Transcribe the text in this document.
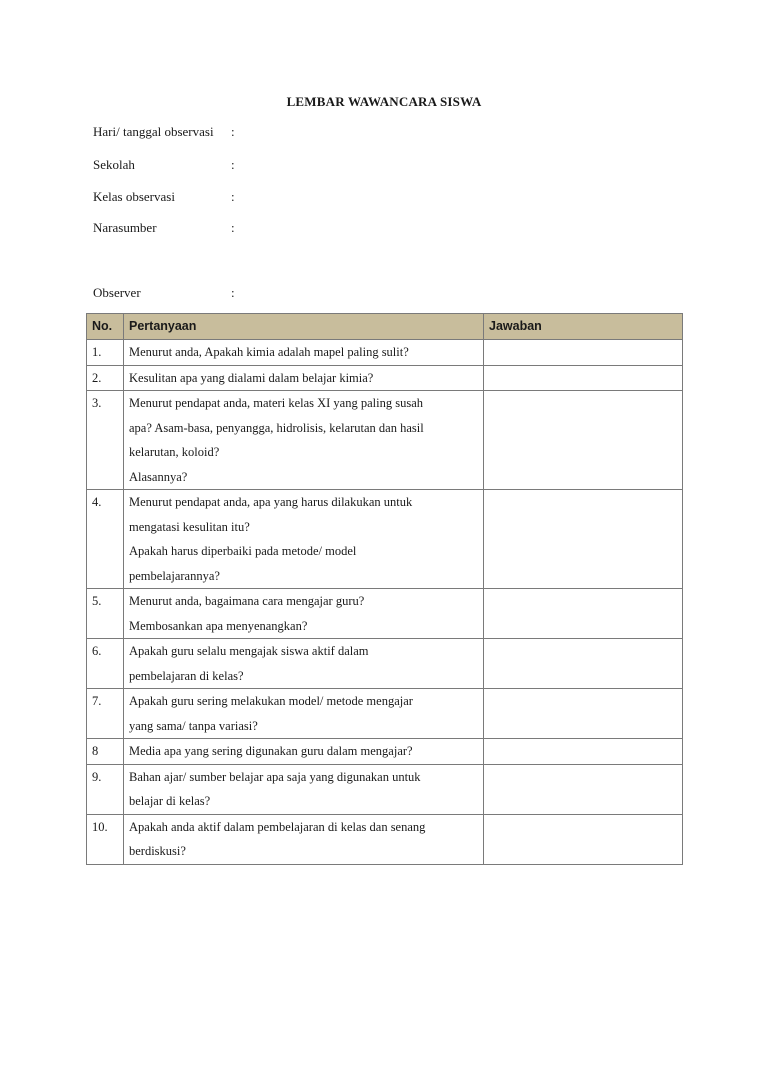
LEMBAR WAWANCARA SISWA
Hari/ tanggal observasi :
Sekolah	:
Kelas observasi	:
Narasumber	:
Observer	:
No.	Pertanyaan	Jawaban
1.	Menurut anda, Apakah kimia adalah mapel paling sulit?	

2.	Kesulitan apa yang dialami dalam belajar kimia?	

3.	Menurut pendapat anda, materi kelas XI yang paling susah
apa? Asam-basa, penyangga, hidrolisis, kelarutan dan hasil
kelarutan, koloid?
Alasannya?	

4.	Menurut pendapat anda, apa yang harus dilakukan untuk
mengatasi kesulitan itu?
Apakah harus diperbaiki pada metode/ model
pembelajarannya?	

5.	Menurut anda, bagaimana cara mengajar guru?
Membosankan apa menyenangkan?	

6.	Apakah guru selalu mengajak siswa aktif dalam
pembelajaran di kelas?	

7.	Apakah guru sering melakukan model/ metode mengajar
yang sama/ tanpa variasi?	

8	Media apa yang sering digunakan guru dalam mengajar?	

9.	Bahan ajar/ sumber belajar apa saja yang digunakan untuk
belajar di kelas?	

10.	Apakah anda aktif dalam pembelajaran di kelas dan senang
berdiskusi?	
